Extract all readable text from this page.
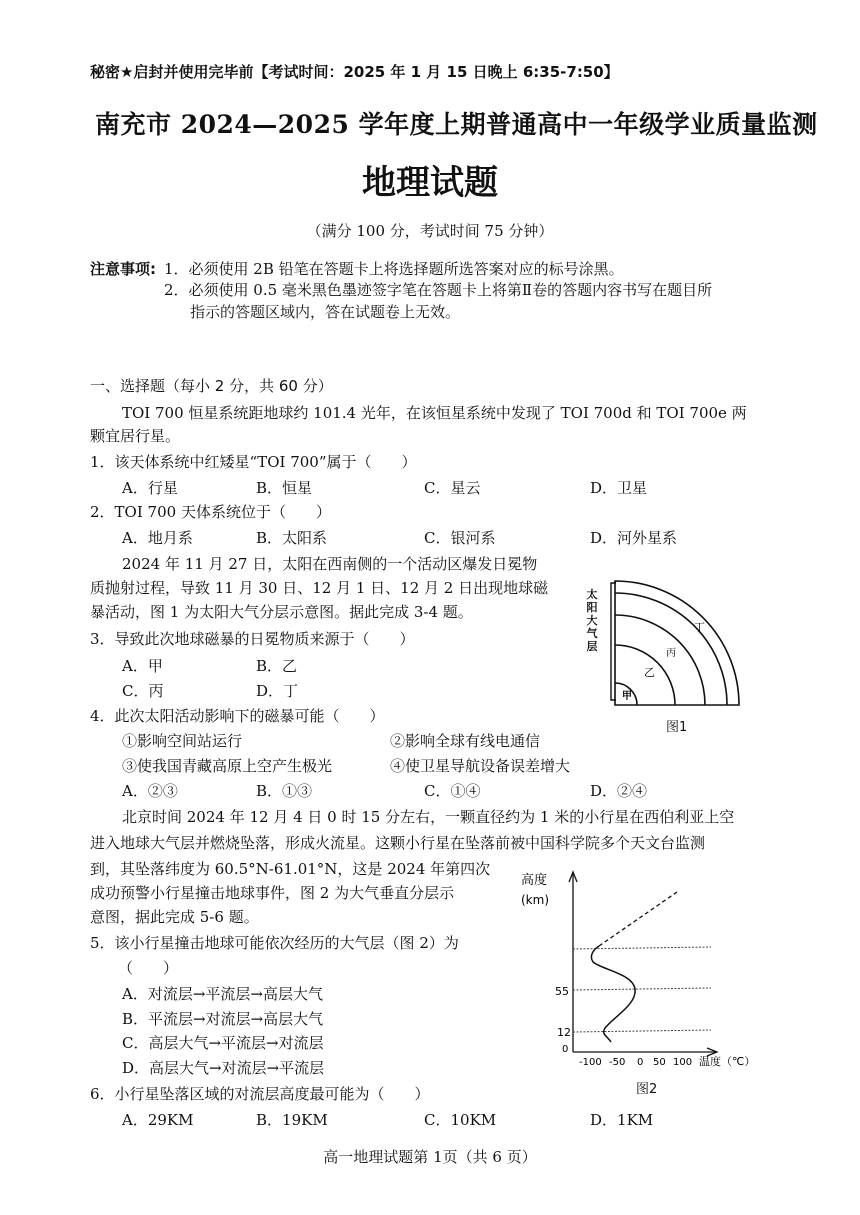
秘密★启封并使用完毕前【考试时间：2025 年 1 月 15 日晚上 6:35-7:50】
南充市 2024—2025 学年度上期普通高中一年级学业质量监测
地理试题
（满分 100 分，考试时间 75 分钟）
注意事项: 1．必须使用 2B 铅笔在答题卡上将选择题所选答案对应的标号涂黑。
2．必须使用 0.5 毫米黑色墨迹签字笔在答题卡上将第Ⅱ卷的答题内容书写在题目所
指示的答题区域内，答在试题卷上无效。
一、选择题（每小 2 分，共 60 分）
TOI 700 恒星系统距地球约 101.4 光年，在该恒星系统中发现了 TOI 700d 和 TOI 700e 两
颗宜居行星。
1．该天体系统中红矮星“TOI 700”属于（　　）
A．行星	B．恒星	C．星云	D．卫星
2．TOI 700 天体系统位于（　　）
A．地月系	B．太阳系	C．银河系	D．河外星系
2024 年 11 月 27 日，太阳在西南侧的一个活动区爆发日冕物
质抛射过程，导致 11 月 30 日、12 月 1 日、12 月 2 日出现地球磁
暴活动，图 1 为太阳大气分层示意图。据此完成 3-4 题。
3．导致此次地球磁暴的日冕物质来源于（　　）
A．甲	B．乙
C．丙	D．丁
4．此次太阳活动影响下的磁暴可能（　　）
①影响空间站运行	②影响全球有线电通信
③使我国青藏高原上空产生极光	④使卫星导航设备误差增大
A．②③	B．①③	C．①④	D．②④
甲
乙
丙
丁
太
阳
大
气
层
图1
北京时间 2024 年 12 月 4 日 0 时 15 分左右，一颗直径约为 1 米的小行星在西伯利亚上空
进入地球大气层并燃烧坠落，形成火流星。这颗小行星在坠落前被中国科学院多个天文台监测
到，其坠落纬度为 60.5°N-61.01°N，这是 2024 年第四次
成功预警小行星撞击地球事件，图 2 为大气垂直分层示
意图，据此完成 5-6 题。
5．该小行星撞击地球可能依次经历的大气层（图 2）为
（　　）
A．对流层→平流层→高层大气
B．平流层→对流层→高层大气
C．高层大气→平流层→对流层
D．高层大气→对流层→平流层
高度
(km)
55
12
0
-100 -50 0 50 100 温度（℃）
图2
6．小行星坠落区域的对流层高度最可能为（　　）
A．29KM	B．19KM	C．10KM	D．1KM
高一地理试题第 1页（共 6 页）
